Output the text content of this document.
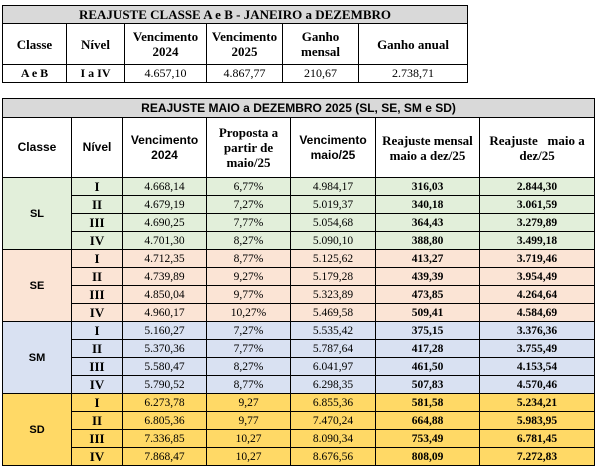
REAJUSTE CLASSE A e B - JANEIRO a DEZEMBRO					
Classe	Nível	Vencimento 2024	Vencimento 2025	Ganho mensal	Ganho anual
A e B	I a IV	4.657,10	4.867,77	210,67	2.738,71
REAJUSTE MAIO a DEZEMBRO 2025 (SL, SE, SM e SD)						
Classe	Nível	Vencimento 2024	Proposta a partir de maio/25	Vencimento maio/25	Reajuste mensal maio a dez/25	Reajuste   maio a dez/25
SL	I	4.668,14	6,77%	4.984,17	316,03	2.844,30
	II	4.679,19	7,27%	5.019,37	340,18	3.061,59
	III	4.690,25	7,77%	5.054,68	364,43	3.279,89
	IV	4.701,30	8,27%	5.090,10	388,80	3.499,18
SE	I	4.712,35	8,77%	5.125,62	413,27	3.719,46
	II	4.739,89	9,27%	5.179,28	439,39	3.954,49
	III	4.850,04	9,77%	5.323,89	473,85	4.264,64
	IV	4.960,17	10,27%	5.469,58	509,41	4.584,69
SM	I	5.160,27	7,27%	5.535,42	375,15	3.376,36
	II	5.370,36	7,77%	5.787,64	417,28	3.755,49
	III	5.580,47	8,27%	6.041,97	461,50	4.153,54
	IV	5.790,52	8,77%	6.298,35	507,83	4.570,46
SD	I	6.273,78	9,27	6.855,36	581,58	5.234,21
	II	6.805,36	9,77	7.470,24	664,88	5.983,95
	III	7.336,85	10,27	8.090,34	753,49	6.781,45
	IV	7.868,47	10,27	8.676,56	808,09	7.272,83
